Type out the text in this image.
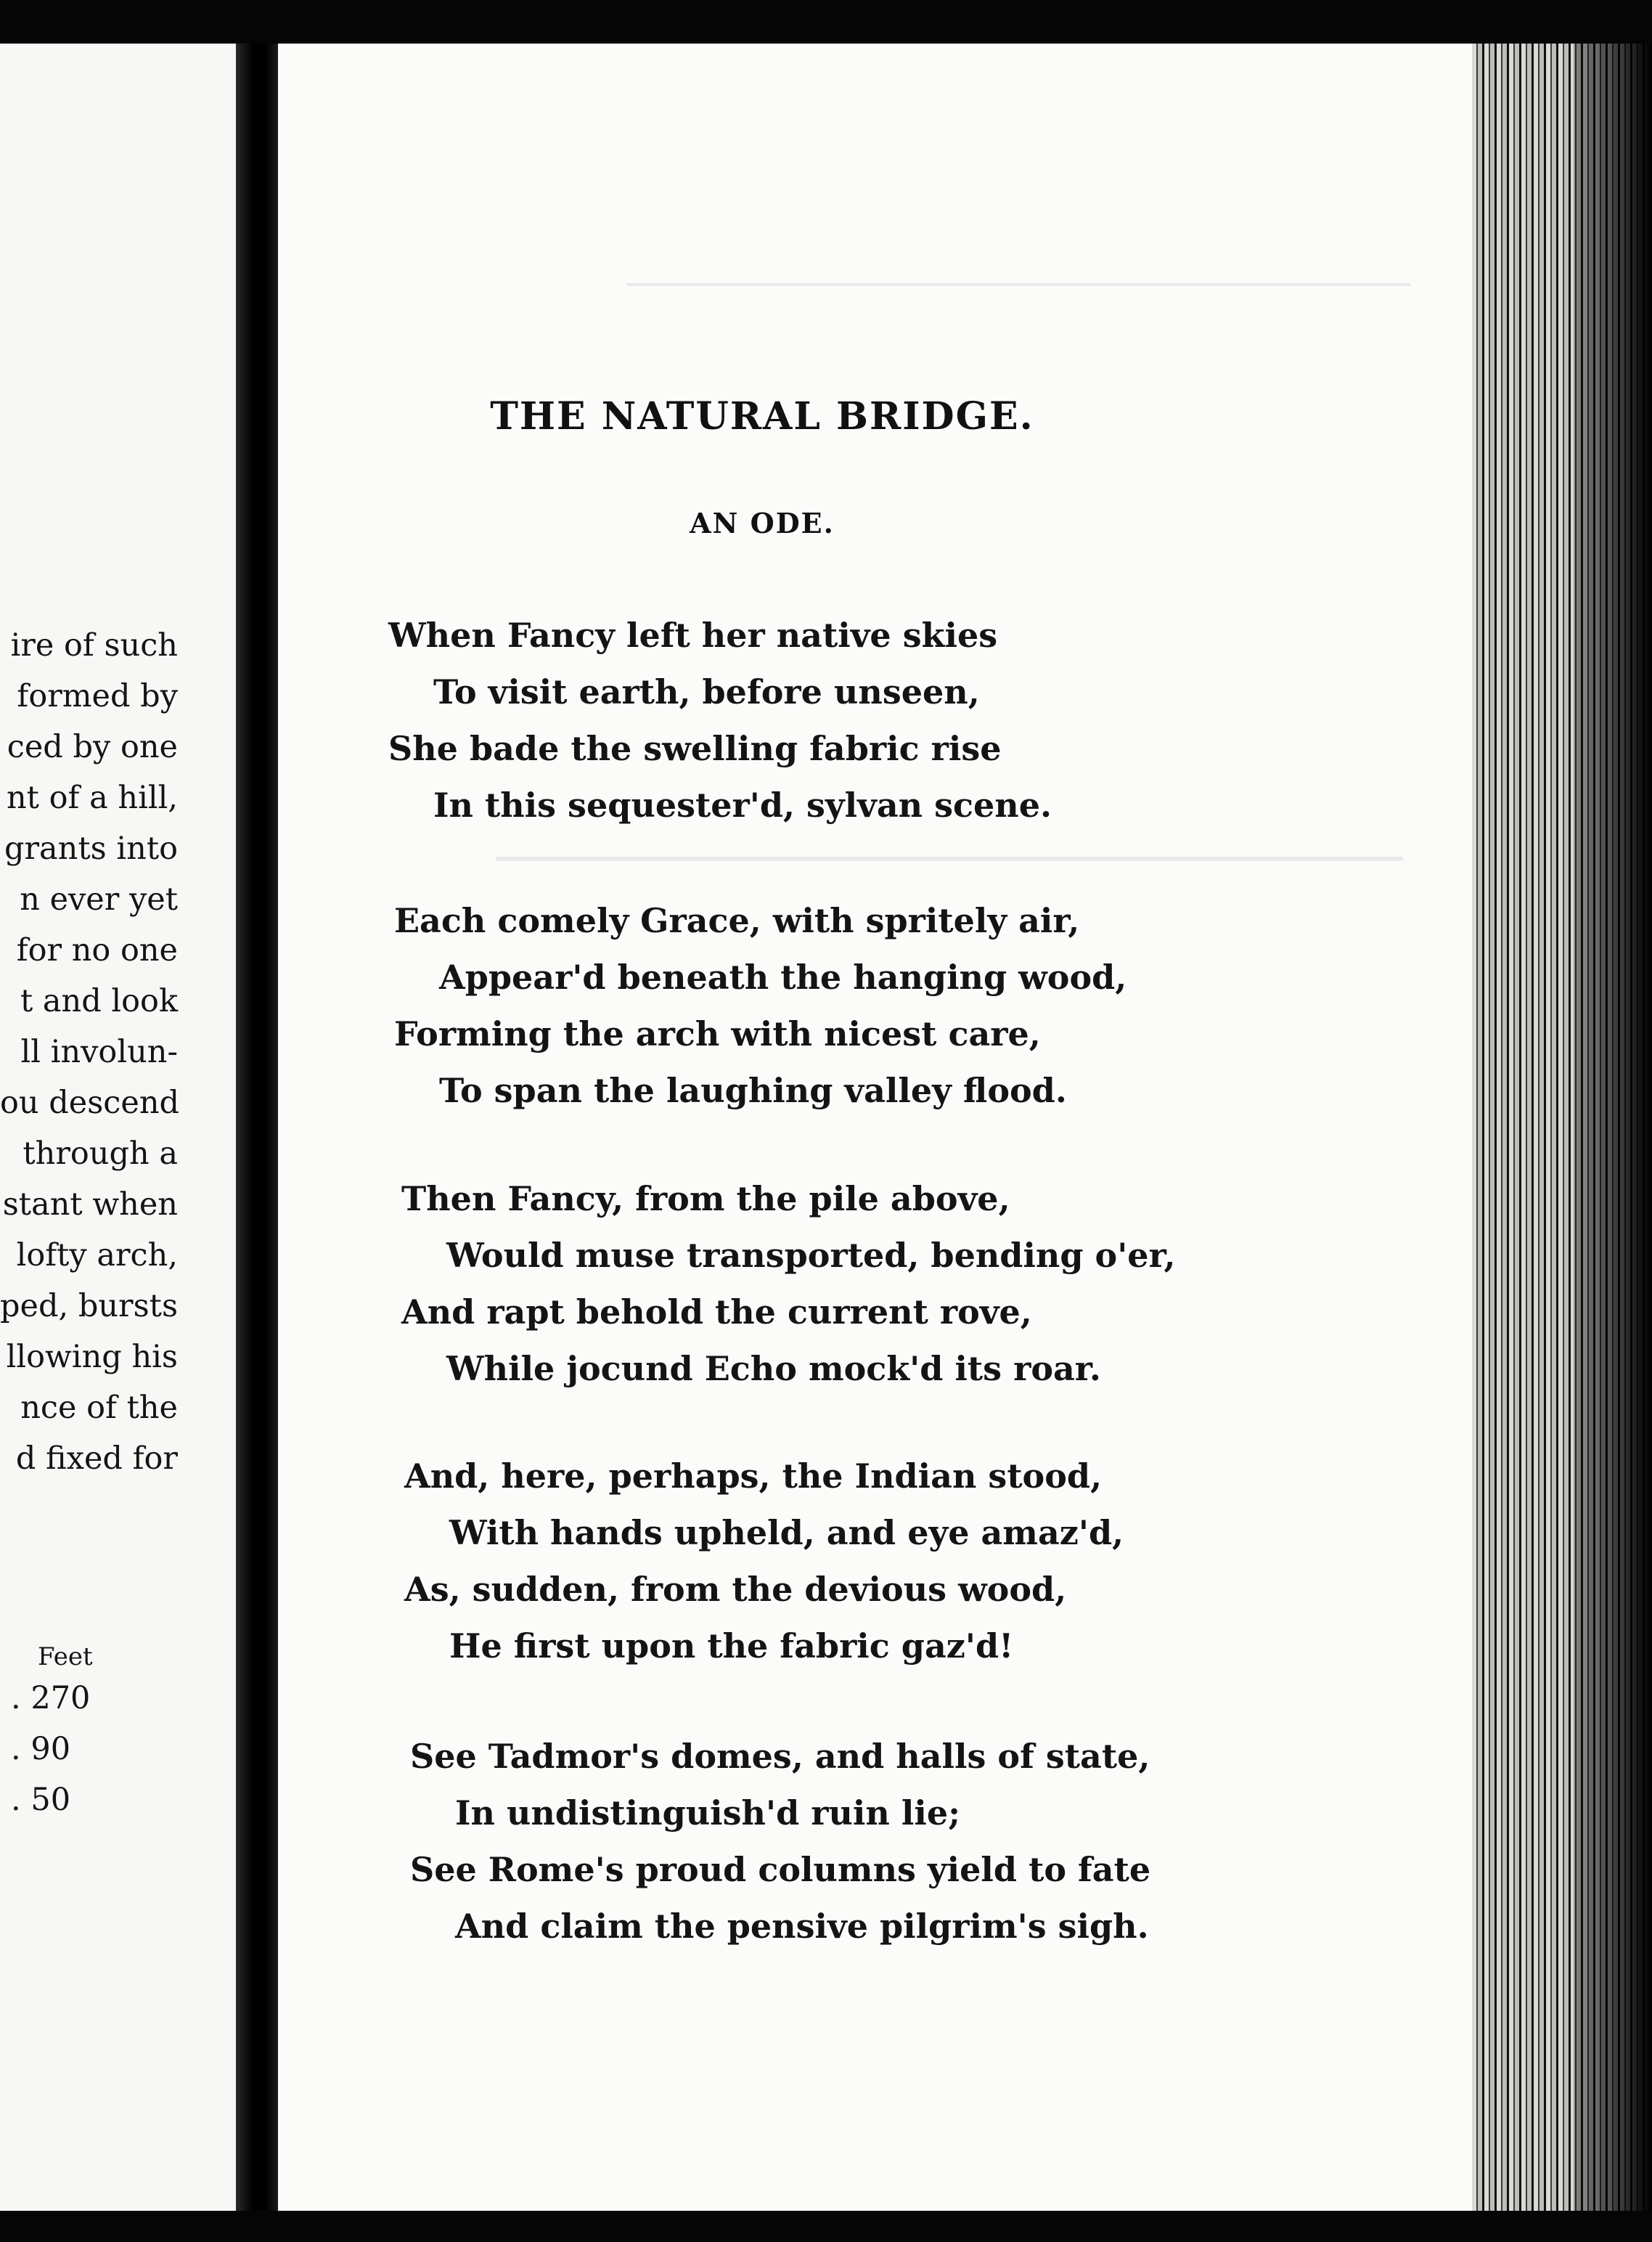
ire of such
formed by
ced by one
nt of a hill,
grants into
n ever yet
for no one
t and look
ll involun-
ou descend
through a
stant when
lofty arch,
ped, bursts
llowing his
nce of the
d fixed for
Feet
. 270
. 90
. 50
THE NATURAL BRIDGE.
AN ODE.
When Fancy left her native skies
To visit earth, before unseen,
She bade the swelling fabric rise
In this sequester'd, sylvan scene.
Each comely Grace, with spritely air,
Appear'd beneath the hanging wood,
Forming the arch with nicest care,
To span the laughing valley flood.
Then Fancy, from the pile above,
Would muse transported, bending o'er,
And rapt behold the current rove,
While jocund Echo mock'd its roar.
And, here, perhaps, the Indian stood,
With hands upheld, and eye amaz'd,
As, sudden, from the devious wood,
He first upon the fabric gaz'd!
See Tadmor's domes, and halls of state,
In undistinguish'd ruin lie;
See Rome's proud columns yield to fate
And claim the pensive pilgrim's sigh.
